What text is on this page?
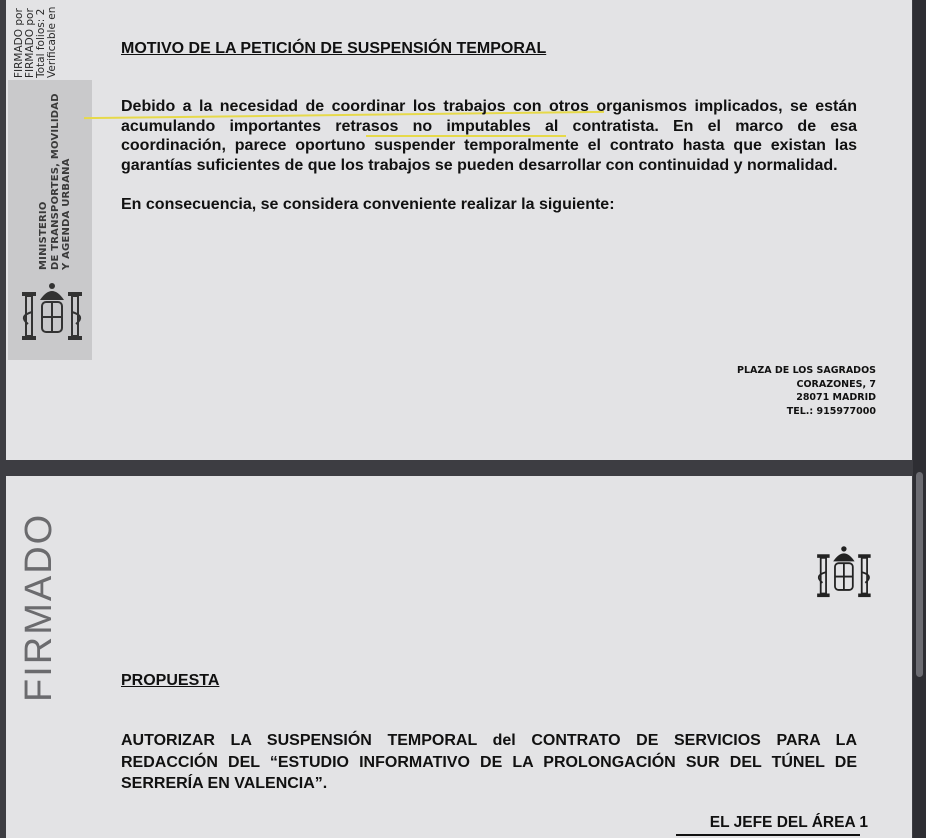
FIRMADO por FIRMADO por Total folios: 2 Verificable en
MINISTERIO DE TRANSPORTES, MOVILIDAD Y AGENDA URBANA
MOTIVO DE LA PETICIÓN DE SUSPENSIÓN TEMPORAL

Debido a la necesidad de coordinar los trabajos con otros organismos implicados, se están acumulando importantes retrasos no imputables al contratista. En el marco de esa coordinación, parece oportuno suspender temporalmente el contrato hasta que existan las garantías suficientes de que los trabajos se pueden desarrollar con continuidad y normalidad.

En consecuencia, se considera conveniente realizar la siguiente:

PLAZA DE LOS SAGRADOS
CORAZONES, 7
28071 MADRID
TEL.: 915977000
PROPUESTA

AUTORIZAR LA SUSPENSIÓN TEMPORAL del CONTRATO DE SERVICIOS PARA LA REDACCIÓN DEL “ESTUDIO INFORMATIVO DE LA PROLONGACIÓN SUR DEL TÚNEL DE SERRERÍA EN VALENCIA”.

FIRMADO
EL JEFE DEL ÁREA 1
